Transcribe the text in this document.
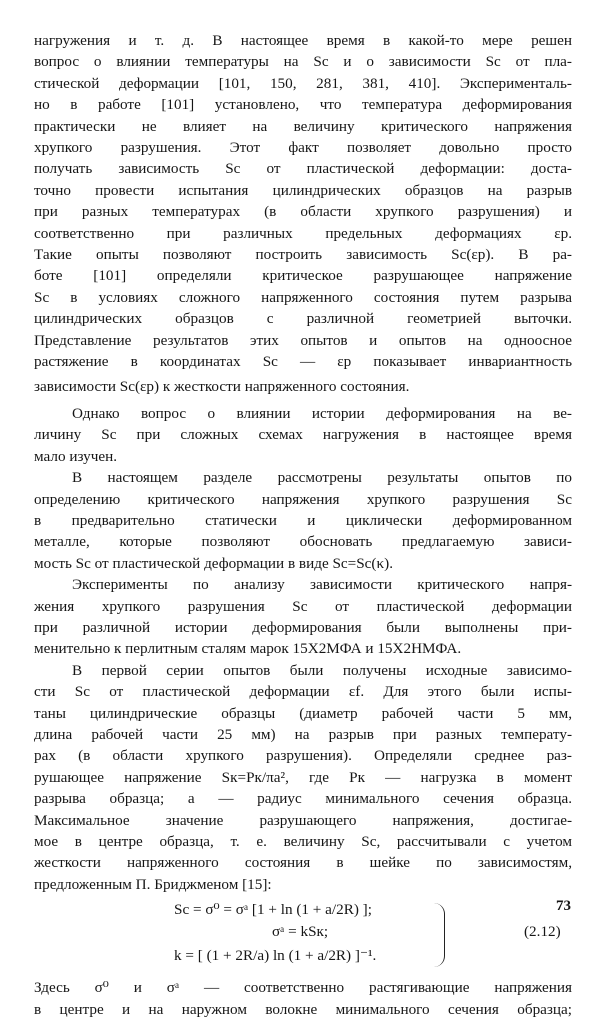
нагружения и т. д. В настоящее время в какой-то мере решен
вопрос о влиянии температуры на Sc и о зависимости Sc от пла-
стической деформации [101, 150, 281, 381, 410]. Эксперименталь-
но в работе [101] установлено, что температура деформирования
практически не влияет на величину критического напряжения
хрупкого разрушения. Этот факт позволяет довольно просто
получать зависимость Sc от пластической деформации: доста-
точно провести испытания цилиндрических образцов на разрыв
при разных температурах (в области хрупкого разрушения) и
соответственно при различных предельных деформациях εp.
Такие опыты позволяют построить зависимость Sc(εp). В ра-
боте [101] определяли критическое разрушающее напряжение
Sc в условиях сложного напряженного состояния путем разрыва
цилиндрических образцов с различной геометрией выточки.
Представление результатов этих опытов и опытов на одноосное
растяжение в координатах Sc — εp показывает инвариантность
зависимости Sc(εp) к жесткости напряженного состояния.
Однако вопрос о влиянии истории деформирования на ве-
личину Sc при сложных схемах нагружения в настоящее время
мало изучен.
В настоящем разделе рассмотрены результаты опытов по
определению критического напряжения хрупкого разрушения Sc
в предварительно статически и циклически деформированном
металле, которые позволяют обосновать предлагаемую зависи-
мость Sc от пластической деформации в виде Sc=Sc(κ).
Эксперименты по анализу зависимости критического напря-
жения хрупкого разрушения Sc от пластической деформации
при различной истории деформирования были выполнены при-
менительно к перлитным сталям марок 15Х2МФА и 15Х2НМФА.
В первой серии опытов были получены исходные зависимо-
сти Sc от пластической деформации εf. Для этого были испы-
таны цилиндрические образцы (диаметр рабочей части 5 мм,
длина рабочей части 25 мм) на разрыв при разных температу-
рах (в области хрупкого разрушения). Определяли среднее раз-
рушающее напряжение Sк=Pк/πa², где Pк — нагрузка в момент
разрыва образца; a — радиус минимального сечения образца.
Максимальное значение разрушающего напряжения, достигае-
мое в центре образца, т. е. величину Sc, рассчитывали с учетом
жесткости напряженного состояния в шейке по зависимостям,
предложенным П. Бриджменом [15]:
Sc = σ⁰ = σᵃ [1 + ln (1 + a/2R) ];
σᵃ = kSк;
k = [ (1 + 2R/a) ln (1 + a/2R) ]⁻¹.
(2.12)
Здесь σ⁰ и σᵃ — соответственно растягивающие напряжения
в центре и на наружном волокне минимального сечения образца;
73
